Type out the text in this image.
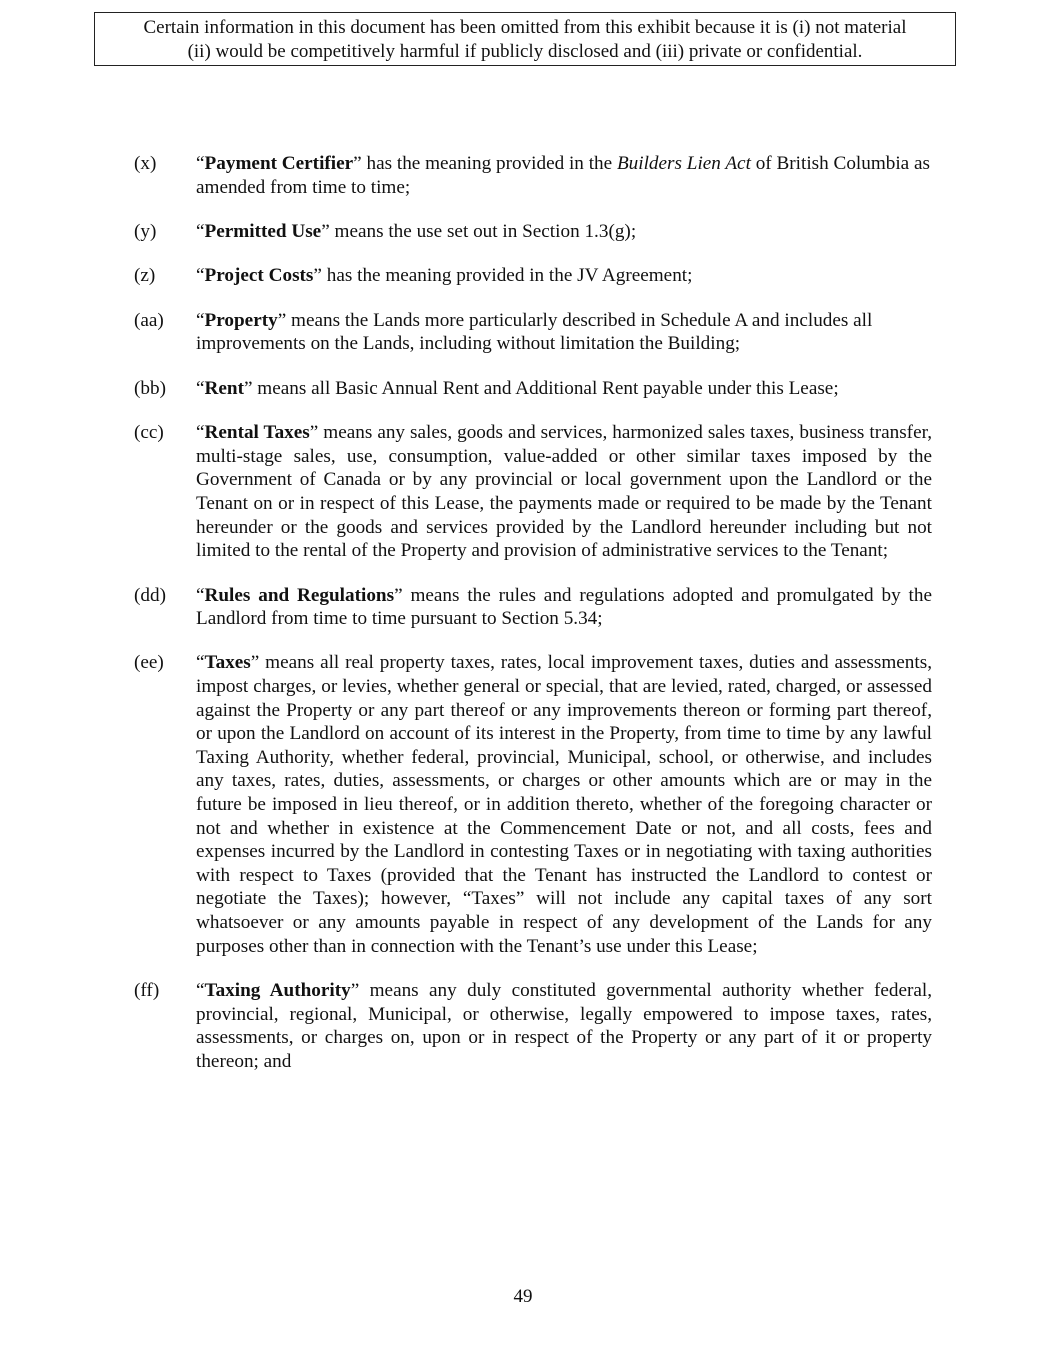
Certain information in this document has been omitted from this exhibit because it is (i) not material
(ii) would be competitively harmful if publicly disclosed and (iii) private or confidential.
(x)	“Payment Certifier” has the meaning provided in the Builders Lien Act of British Columbia as amended from time to time;
(y)	“Permitted Use” means the use set out in Section 1.3(g);
(z)	“Project Costs” has the meaning provided in the JV Agreement;
(aa)	“Property” means the Lands more particularly described in Schedule A and includes all improvements on the Lands, including without limitation the Building;
(bb)	“Rent” means all Basic Annual Rent and Additional Rent payable under this Lease;
(cc)	“Rental Taxes” means any sales, goods and services, harmonized sales taxes, business transfer, multi-stage sales, use, consumption, value-added or other similar taxes imposed by the Government of Canada or by any provincial or local government upon the Landlord or the Tenant on or in respect of this Lease, the payments made or required to be made by the Tenant hereunder or the goods and services provided by the Landlord hereunder including but not limited to the rental of the Property and provision of administrative services to the Tenant;
(dd)	“Rules and Regulations” means the rules and regulations adopted and promulgated by the Landlord from time to time pursuant to Section 5.34;
(ee)	“Taxes” means all real property taxes, rates, local improvement taxes, duties and assessments, impost charges, or levies, whether general or special, that are levied, rated, charged, or assessed against the Property or any part thereof or any improvements thereon or forming part thereof, or upon the Landlord on account of its interest in the Property, from time to time by any lawful Taxing Authority, whether federal, provincial, Municipal, school, or otherwise, and includes any taxes, rates, duties, assessments, or charges or other amounts which are or may in the future be imposed in lieu thereof, or in addition thereto, whether of the foregoing character or not and whether in existence at the Commencement Date or not, and all costs, fees and expenses incurred by the Landlord in contesting Taxes or in negotiating with taxing authorities with respect to Taxes (provided that the Tenant has instructed the Landlord to contest or negotiate the Taxes); however, “Taxes” will not include any capital taxes of any sort whatsoever or any amounts payable in respect of any development of the Lands for any purposes other than in connection with the Tenant’s use under this Lease;
(ff)	“Taxing Authority” means any duly constituted governmental authority whether federal, provincial, regional, Municipal, or otherwise, legally empowered to impose taxes, rates, assessments, or charges on, upon or in respect of the Property or any part of it or property thereon; and
49
